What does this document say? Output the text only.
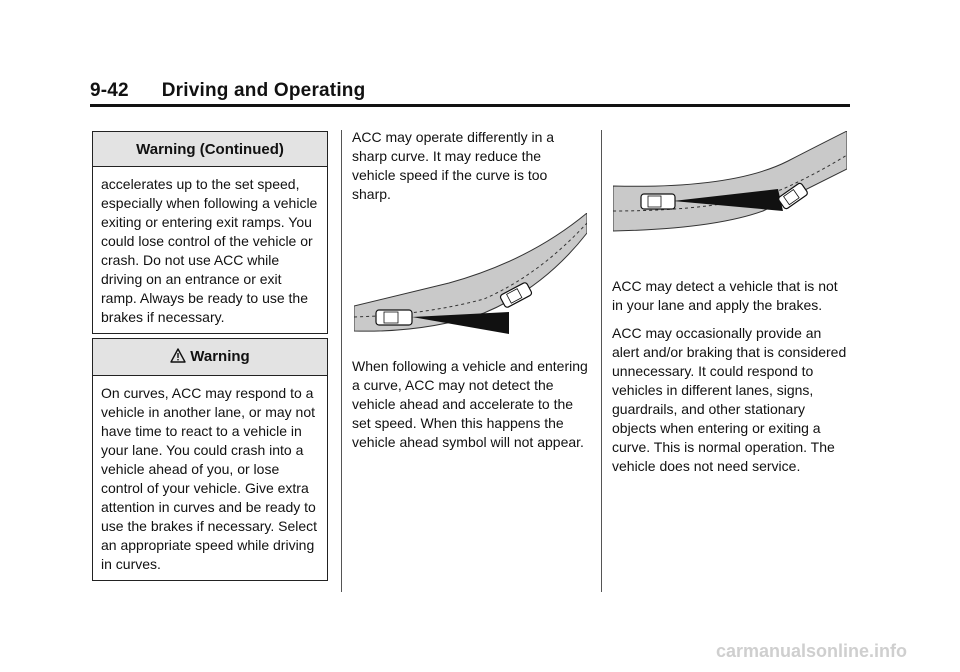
9-42      Driving and Operating
Warning (Continued)

accelerates up to the set speed, especially when following a vehicle exiting or entering exit ramps. You could lose control of the vehicle or crash. Do not use ACC while driving on an entrance or exit ramp. Always be ready to use the brakes if necessary.

Warning

On curves, ACC may respond to a vehicle in another lane, or may not have time to react to a vehicle in your lane. You could crash into a vehicle ahead of you, or lose control of your vehicle. Give extra attention in curves and be ready to use the brakes if necessary. Select an appropriate speed while driving in curves.

ACC may operate differently in a sharp curve. It may reduce the vehicle speed if the curve is too sharp.

When following a vehicle and entering a curve, ACC may not detect the vehicle ahead and accelerate to the set speed. When this happens the vehicle ahead symbol will not appear.

ACC may detect a vehicle that is not in your lane and apply the brakes.

ACC may occasionally provide an alert and/or braking that is considered unnecessary. It could respond to vehicles in different lanes, signs, guardrails, and other stationary objects when entering or exiting a curve. This is normal operation. The vehicle does not need service.

carmanualsonline.info
